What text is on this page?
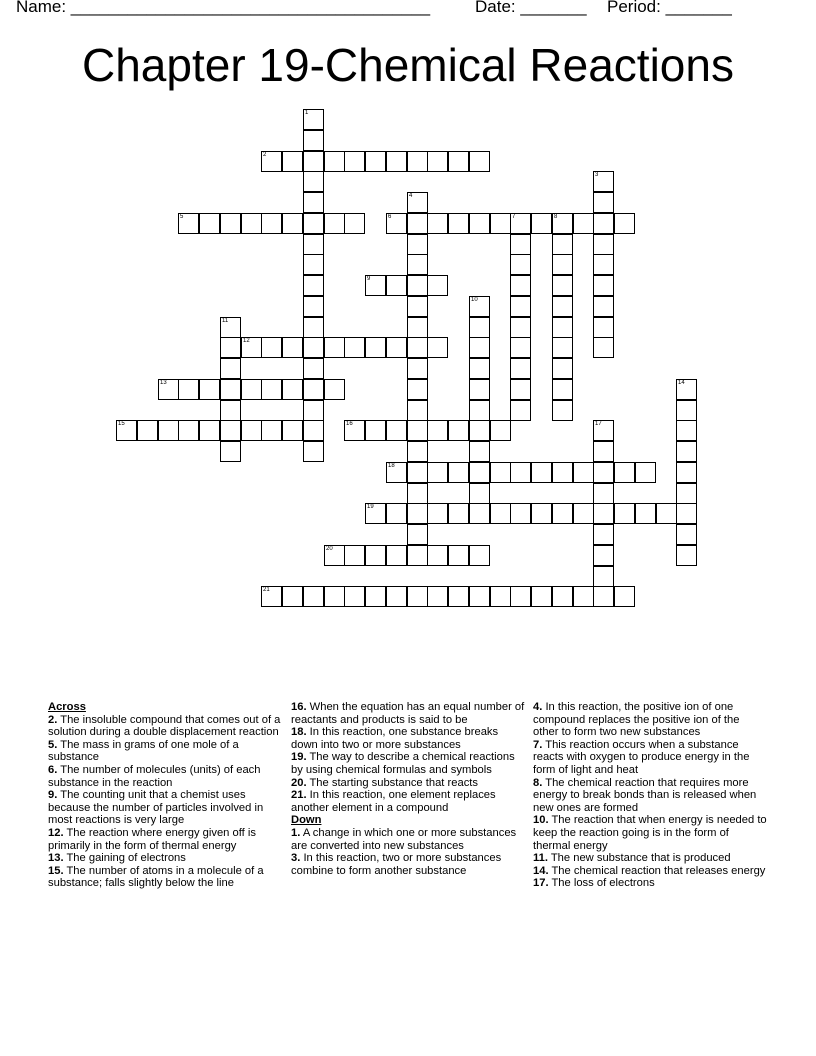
Name: ______________________________________	Date: _______ Period: _______
Chapter 19-Chemical Reactions
1
2
3
4
5	6	7	8
9
10
11
12
13	14
15	16	17
18
19
20
21
Across
2. The insoluble compound that comes out of a solution during a double displacement reaction
5. The mass in grams of one mole of a substance
6. The number of molecules (units) of each substance in the reaction
9. The counting unit that a chemist uses because the number of particles involved in most reactions is very large
12. The reaction where energy given off is primarily in the form of thermal energy
13. The gaining of electrons
15. The number of atoms in a molecule of a substance; falls slightly below the line
16. When the equation has an equal number of reactants and products is said to be
18. In this reaction, one substance breaks down into two or more substances
19. The way to describe a chemical reactions by using chemical formulas and symbols
20. The starting substance that reacts
21. In this reaction, one element replaces another element in a compound
Down
1. A change in which one or more substances are converted into new substances
3. In this reaction, two or more substances combine to form another substance
4. In this reaction, the positive ion of one compound replaces the positive ion of the other to form two new substances
7. This reaction occurs when a substance reacts with oxygen to produce energy in the form of light and heat
8. The chemical reaction that requires more energy to break bonds than is released when new ones are formed
10. The reaction that when energy is needed to keep the reaction going is in the form of thermal energy
11. The new substance that is produced
14. The chemical reaction that releases energy
17. The loss of electrons
